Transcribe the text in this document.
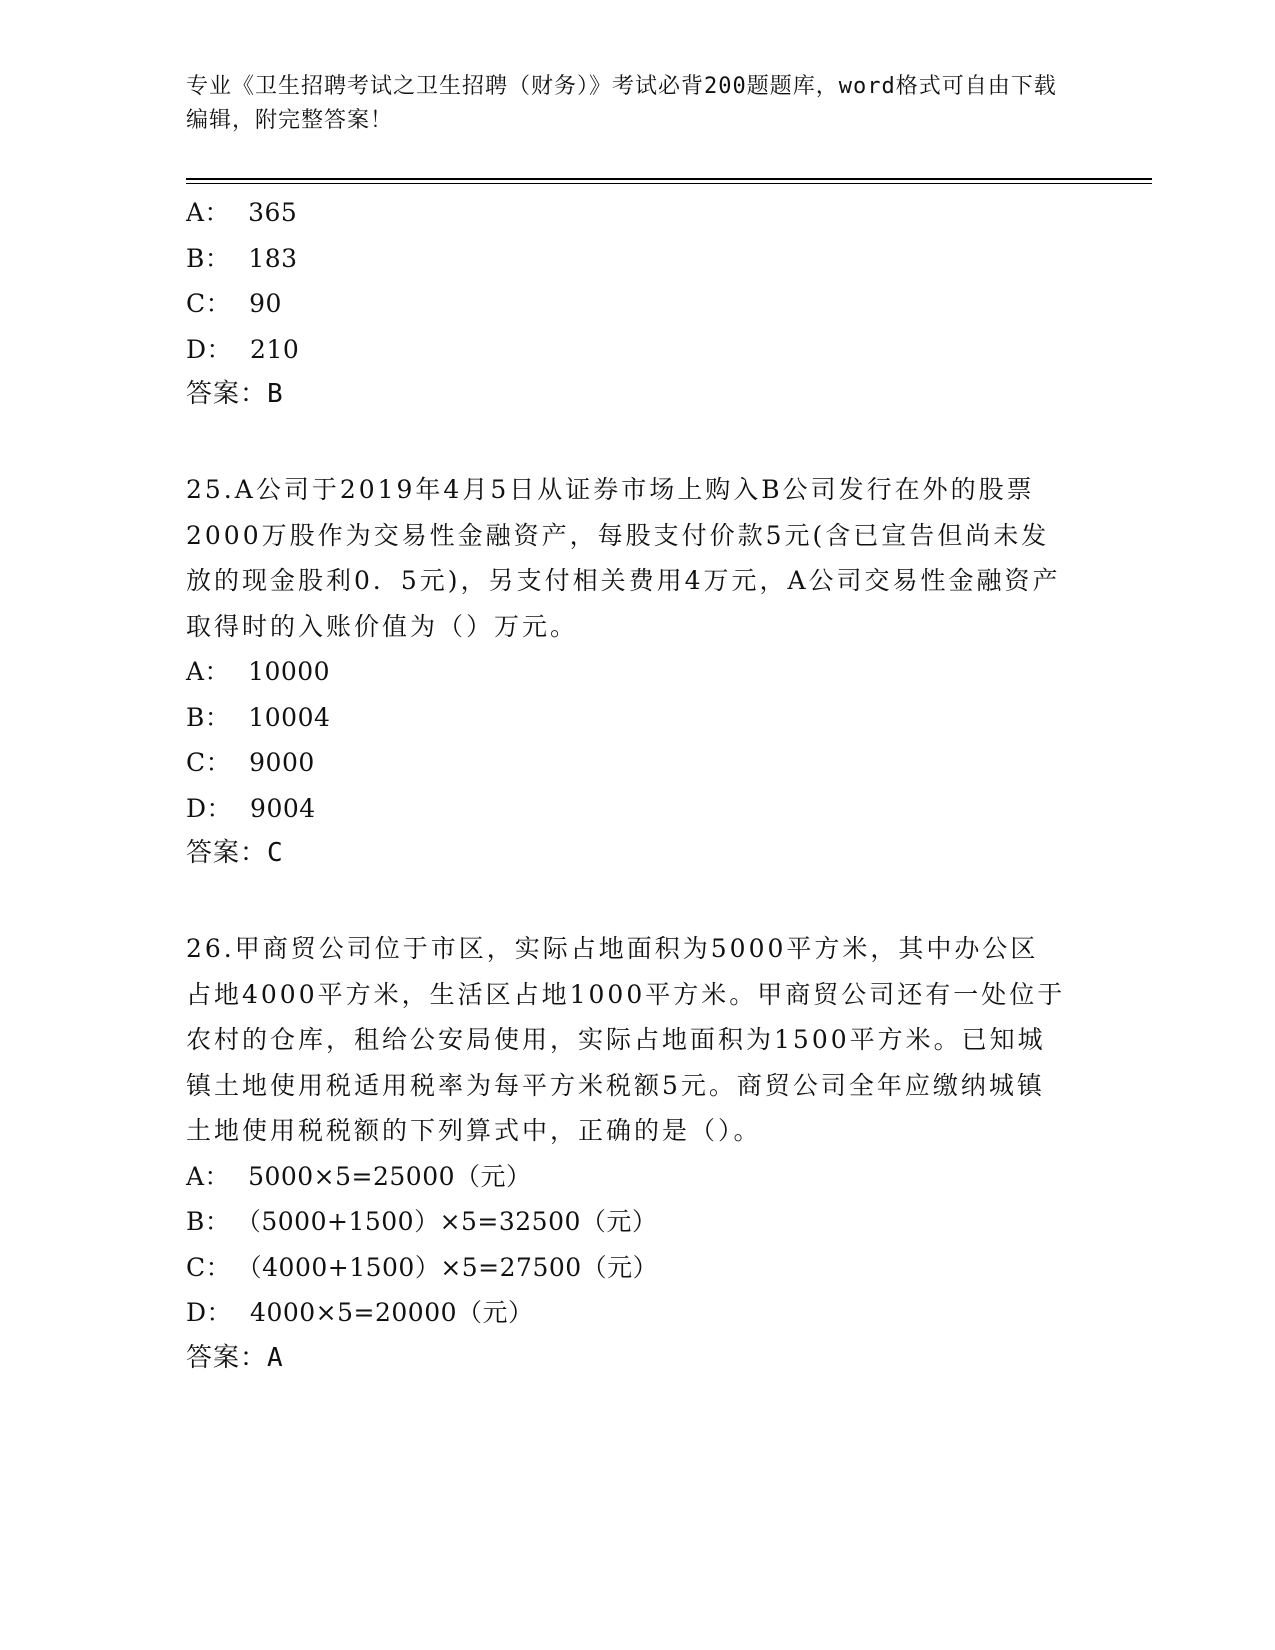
专业《卫生招聘考试之卫生招聘（财务）》考试必背200题题库，word格式可自由下载编辑，附完整答案！
A： 365
B： 183
C： 90
D： 210
答案：B
25.A公司于2019年4月5日从证券市场上购入B公司发行在外的股票2000万股作为交易性金融资产，每股支付价款5元(含已宣告但尚未发放的现金股利0．5元)，另支付相关费用4万元，A公司交易性金融资产取得时的入账价值为（）万元。
A： 10000
B： 10004
C： 9000
D： 9004
答案：C
26.甲商贸公司位于市区，实际占地面积为5000平方米，其中办公区占地4000平方米，生活区占地1000平方米。甲商贸公司还有一处位于农村的仓库，租给公安局使用，实际占地面积为1500平方米。已知城镇土地使用税适用税率为每平方米税额5元。商贸公司全年应缴纳城镇土地使用税税额的下列算式中，正确的是（）。
A： 5000×5=25000（元）
B： （5000+1500）×5=32500（元）
C： （4000+1500）×5=27500（元）
D： 4000×5=20000（元）
答案：A
